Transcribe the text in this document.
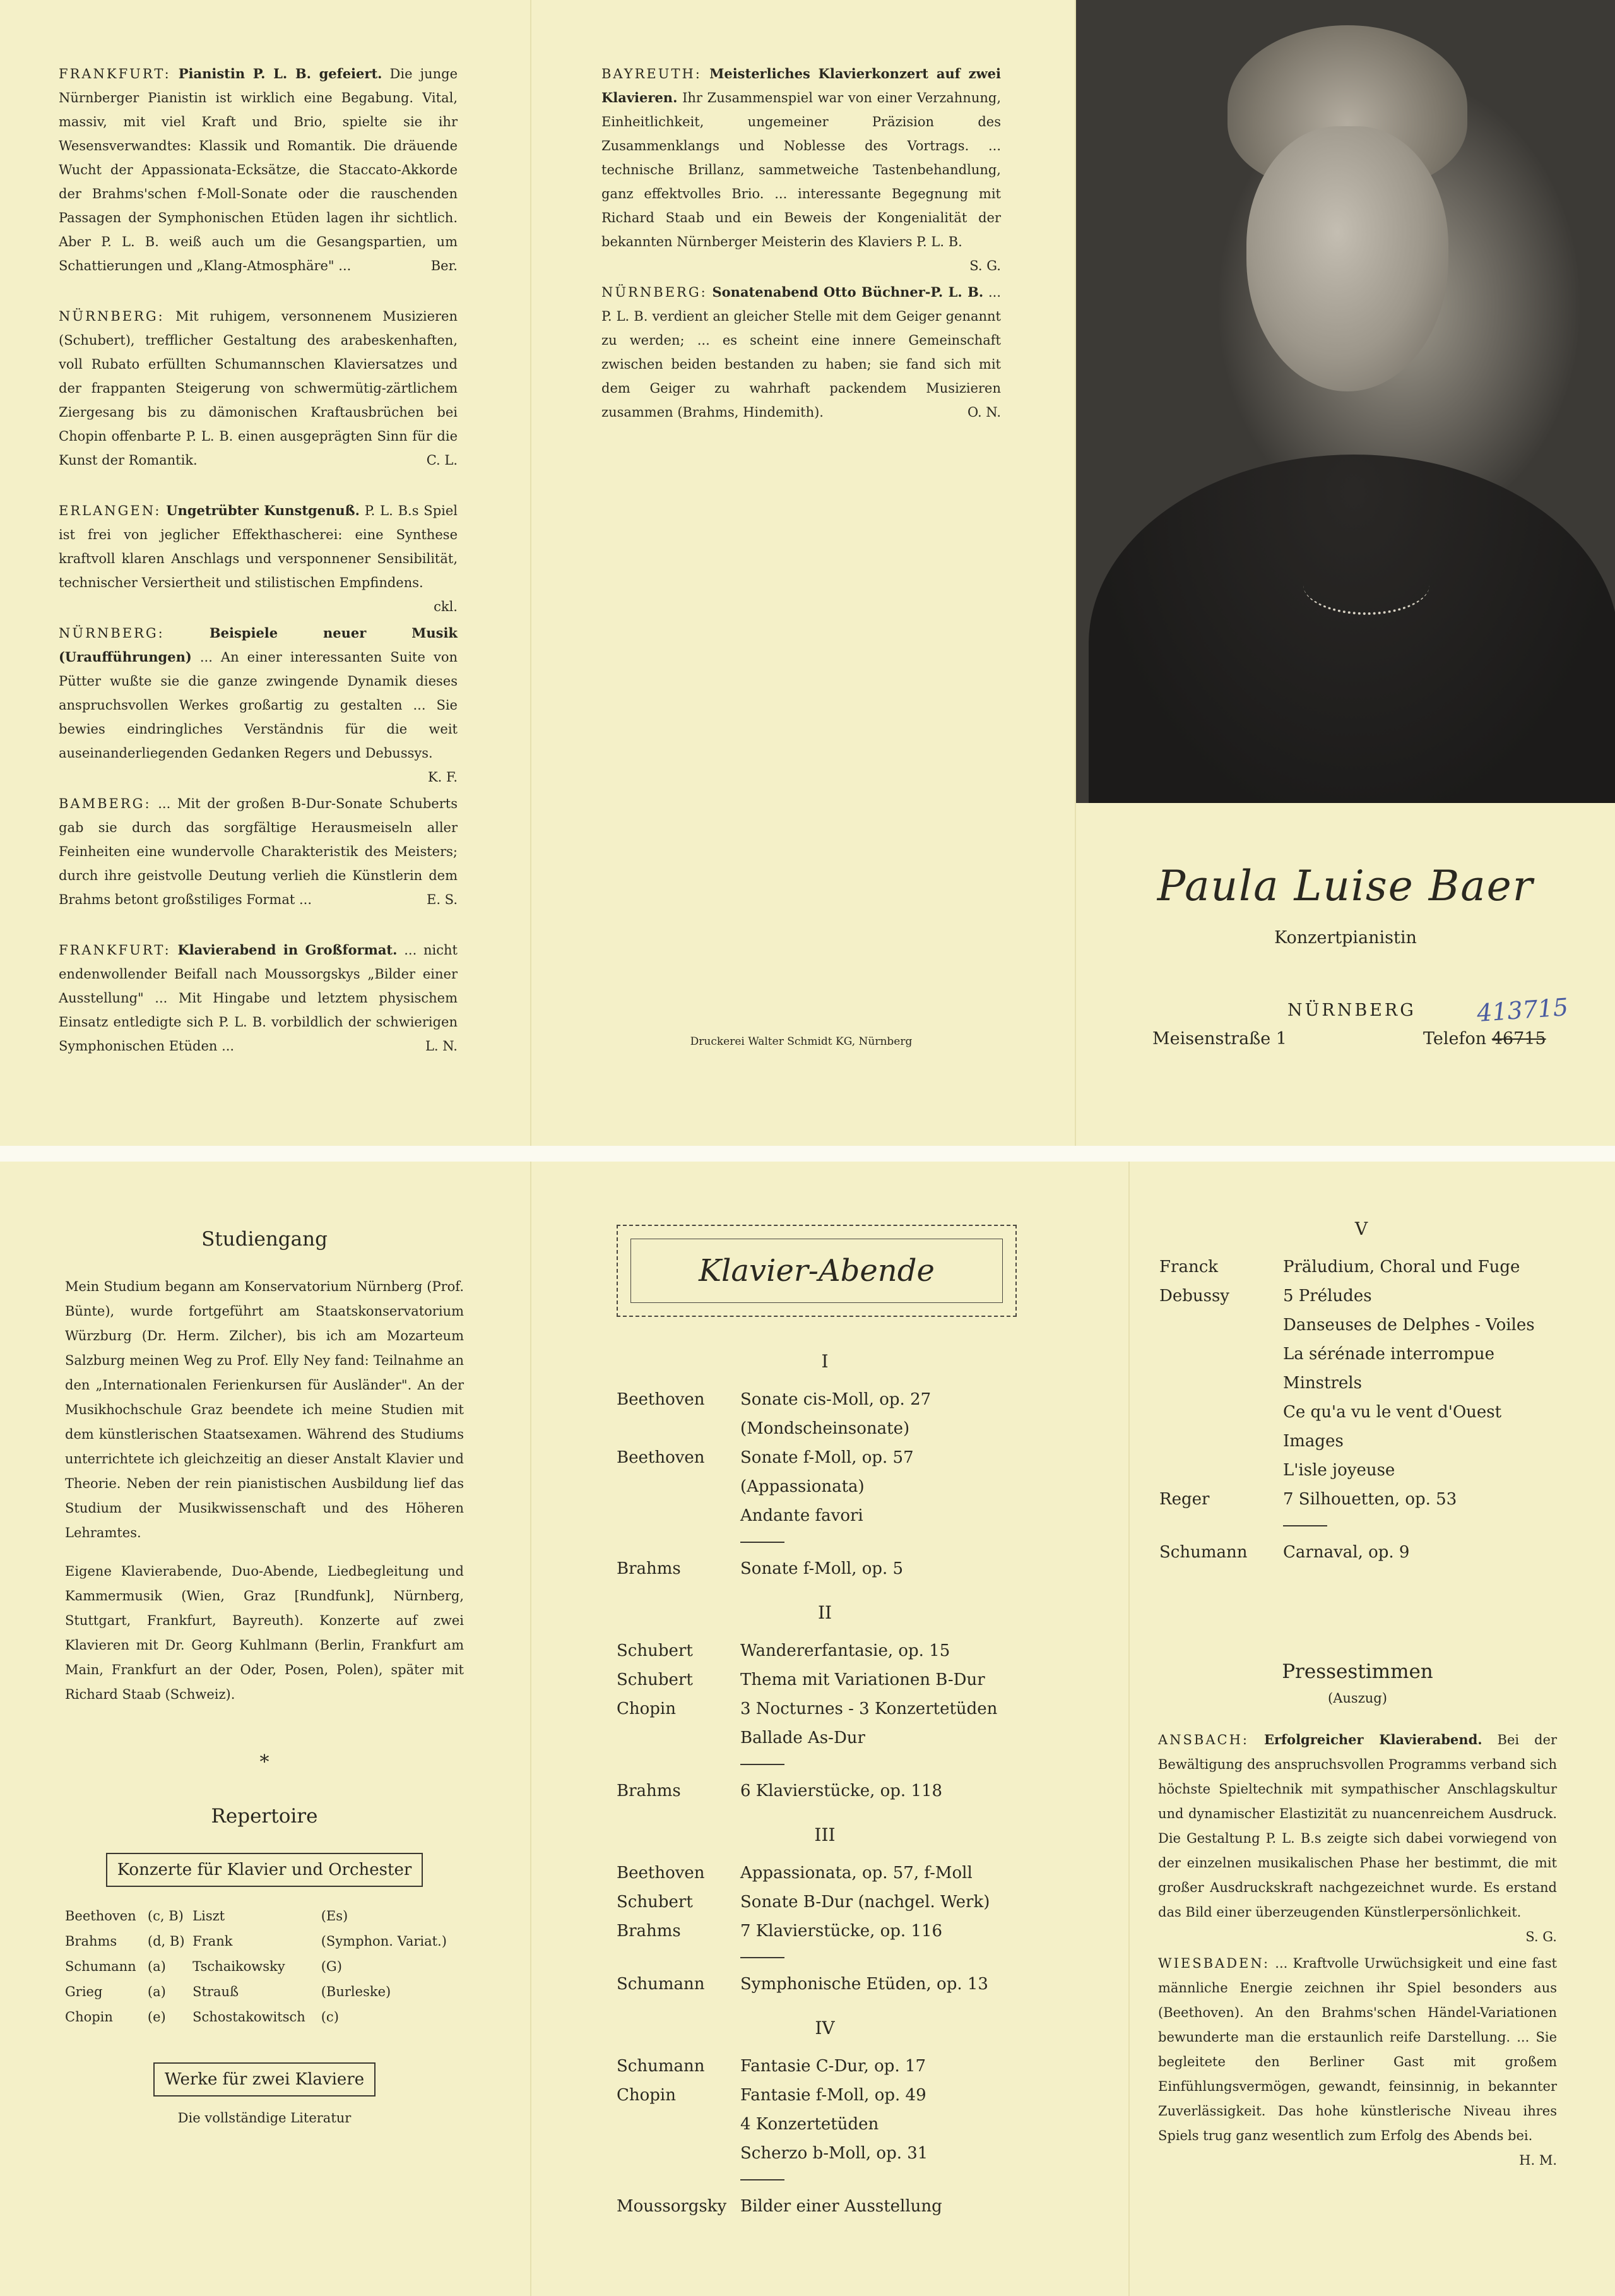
FRANKFURT: Pianistin P. L. B. gefeiert. Die junge Nürnberger Pianistin ist wirklich eine Begabung. Vital, massiv, mit viel Kraft und Brio, spielte sie ihr Wesensverwandtes: Klassik und Romantik. Die dräuende Wucht der Appassionata-Ecksätze, die Staccato-Akkorde der Brahms'schen f-Moll-Sonate oder die rauschenden Passagen der Symphonischen Etüden lagen ihr sichtlich. Aber P. L. B. weiß auch um die Gesangspartien, um Schattierungen und „Klang-Atmosphäre" ...	Ber.
NÜRNBERG: Mit ruhigem, versonnenem Musizieren (Schubert), trefflicher Gestaltung des arabeskenhaften, voll Rubato erfüllten Schumannschen Klaviersatzes und der frappanten Steigerung von schwermütig-zärtlichem Ziergesang bis zu dämonischen Kraftausbrüchen bei Chopin offenbarte P. L. B. einen ausgeprägten Sinn für die Kunst der Romantik.	C. L.
ERLANGEN: Ungetrübter Kunstgenuß. P. L. B.s Spiel ist frei von jeglicher Effekthascherei: eine Synthese kraftvoll klaren Anschlags und versponnener Sensibilität, technischer Versiertheit und stilistischen Empfindens.
ckl.
NÜRNBERG:	Beispiele neuer Musik (Uraufführungen) ... An einer interessanten Suite von Pütter wußte sie die ganze zwingende Dynamik dieses anspruchsvollen Werkes großartig zu gestalten ... Sie bewies eindringliches Verständnis für die weit auseinanderliegenden Gedanken Regers und Debussys.
K. F.
BAMBERG: ... Mit der großen B-Dur-Sonate Schuberts gab sie durch das sorgfältige Herausmeiseln aller Feinheiten eine wundervolle Charakteristik des Meisters; durch ihre geistvolle Deutung verlieh die Künstlerin dem Brahms betont großstiliges Format ...	E. S.
FRANKFURT: Klavierabend in Großformat. ... nicht endenwollender Beifall nach Moussorgskys „Bilder einer Ausstellung" ... Mit Hingabe und letztem physischem Einsatz entledigte sich P. L. B. vorbildlich der schwierigen Symphonischen Etüden ...	L. N.
BAYREUTH: Meisterliches Klavierkonzert auf zwei Klavieren. Ihr Zusammenspiel war von einer Verzahnung, Einheitlichkeit, ungemeiner Präzision des Zusammenklangs und Noblesse des Vortrags. ... technische Brillanz, sammetweiche Tastenbehandlung, ganz effektvolles Brio. ... interessante Begegnung mit Richard Staab und ein Beweis der Kongenialität der bekannten Nürnberger Meisterin des Klaviers P. L. B.
S. G.
NÜRNBERG: Sonatenabend Otto Büchner-P. L. B. ... P. L. B. verdient an gleicher Stelle mit dem Geiger genannt zu werden; ... es scheint eine innere Gemeinschaft zwischen beiden bestanden zu haben; sie fand sich mit dem Geiger zu wahrhaft packendem Musizieren zusammen (Brahms, Hindemith).	O. N.
Druckerei Walter Schmidt KG, Nürnberg
Paula Luise Baer
Konzertpianistin
NÜRNBERG
Meisenstraße 1	Telefon 46715
413715
Studiengang

Mein Studium begann am Konservatorium Nürnberg (Prof. Bünte), wurde fortgeführt am Staatskonservatorium Würzburg (Dr. Herm. Zilcher), bis ich am Mozarteum Salzburg meinen Weg zu Prof. Elly Ney fand: Teilnahme an den „Internationalen Ferienkursen für Ausländer". An der Musikhochschule Graz beendete ich meine Studien mit dem künstlerischen Staatsexamen. Während des Studiums unterrichtete ich gleichzeitig an dieser Anstalt Klavier und Theorie. Neben der rein pianistischen Ausbildung lief das Studium der Musikwissenschaft und des Höheren Lehramtes.

Eigene Klavierabende, Duo-Abende, Liedbegleitung und Kammermusik (Wien, Graz [Rundfunk], Nürnberg, Stuttgart, Frankfurt, Bayreuth). Konzerte auf zwei Klavieren mit Dr. Georg Kuhlmann (Berlin, Frankfurt am Main, Frankfurt an der Oder, Posen, Polen), später mit Richard Staab (Schweiz).

*
Repertoire
Konzerte für Klavier und Orchester
Beethoven	(c, B)	Liszt	(Es)
Brahms	(d, B)	Frank	(Symphon. Variat.)
Schumann	(a)	Tschaikowsky	(G)
Grieg	(a)	Strauß	(Burleske)
Chopin	(e)	Schostakowitsch	(c)
Werke für zwei Klaviere
Die vollständige Literatur
Klavier-Abende
I
Beethoven	Sonate cis-Moll, op. 27
(Mondscheinsonate)
Beethoven	Sonate f-Moll, op. 57
(Appassionata)
Andante favori
Brahms	Sonate f-Moll, op. 5
II
Schubert	Wandererfantasie, op. 15
Schubert	Thema mit Variationen B-Dur
Chopin	3 Nocturnes - 3 Konzertetüden
Ballade As-Dur
Brahms	6 Klavierstücke, op. 118
III
Beethoven	Appassionata, op. 57, f-Moll
Schubert	Sonate B-Dur (nachgel. Werk)
Brahms	7 Klavierstücke, op. 116
Schumann	Symphonische Etüden, op. 13
IV
Schumann	Fantasie C-Dur, op. 17
Chopin	Fantasie f-Moll, op. 49
4 Konzertetüden
Scherzo b-Moll, op. 31
Moussorgsky Bilder einer Ausstellung
V
Franck	Präludium, Choral und Fuge
Debussy	5 Préludes
Danseuses de Delphes - Voiles
La sérénade interrompue
Minstrels
Ce qu'a vu le vent d'Ouest
Images
L'isle joyeuse
Reger	7 Silhouetten, op. 53
Schumann	Carnaval, op. 9
Pressestimmen
(Auszug)
ANSBACH: Erfolgreicher Klavierabend. Bei der Bewältigung des anspruchsvollen Programms verband sich höchste Spieltechnik mit sympathischer Anschlagskultur und dynamischer Elastizität zu nuancenreichem Ausdruck. Die Gestaltung P. L. B.s zeigte sich dabei vorwiegend von der einzelnen musikalischen Phase her bestimmt, die mit großer Ausdruckskraft nachgezeichnet wurde. Es erstand das Bild einer überzeugenden Künstlerpersönlichkeit.
S. G.
WIESBADEN: ... Kraftvolle Urwüchsigkeit und eine fast männliche Energie zeichnen ihr Spiel besonders aus (Beethoven). An den Brahms'schen Händel-Variationen bewunderte man die erstaunlich reife Darstellung. ... Sie begleitete den Berliner Gast mit großem Einfühlungsvermögen, gewandt, feinsinnig, in bekannter Zuverlässigkeit. Das hohe künstlerische Niveau ihres Spiels trug ganz wesentlich zum Erfolg des Abends bei.
H. M.
